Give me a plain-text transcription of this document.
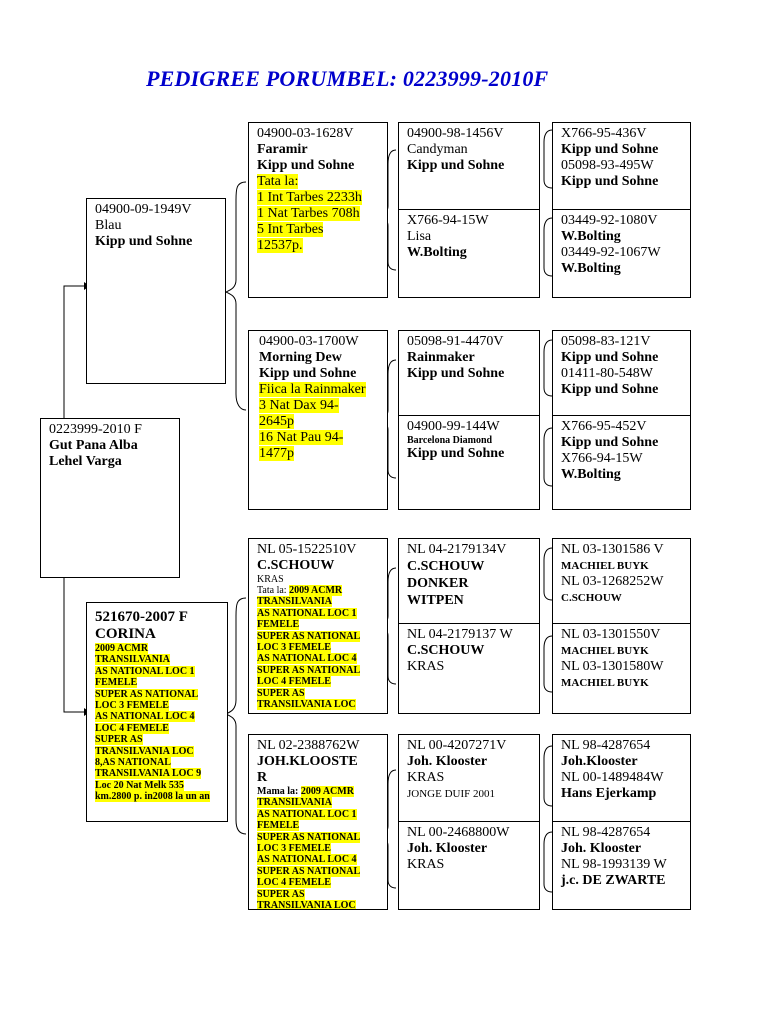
PEDIGREE PORUMBEL: 0223999-2010F
0223999-2010 F
Gut Pana Alba
Lehel Varga
04900-09-1949V
Blau
Kipp und Sohne
521670-2007 F
CORINA
2009 ACMR
TRANSILVANIA
AS NATIONAL LOC 1
FEMELE
SUPER AS NATIONAL
LOC 3 FEMELE
AS NATIONAL LOC 4
LOC 4 FEMELE
SUPER AS
TRANSILVANIA LOC
8,AS NATIONAL
TRANSILVANIA LOC 9
Loc 20 Nat Melk 535
km.2800 p. in2008 la un an
04900-03-1628V
Faramir
Kipp und Sohne
Tata la:
1 Int Tarbes 2233h
1 Nat Tarbes 708h
5 Int Tarbes
12537p.
04900-03-1700W
Morning Dew
Kipp und Sohne
Fiica la Rainmaker
3 Nat Dax 94-
2645p
16 Nat Pau 94-
1477p
NL 05-1522510V
C.SCHOUW
KRAS
Tata la: 2009 ACMR
TRANSILVANIA
AS NATIONAL LOC 1
FEMELE
SUPER AS NATIONAL
LOC 3 FEMELE
AS NATIONAL LOC 4
SUPER AS NATIONAL
LOC 4 FEMELE
SUPER AS
TRANSILVANIA LOC
NL 02-2388762W
JOH.KLOOSTE
R
Mama la: 2009 ACMR
TRANSILVANIA
AS NATIONAL LOC 1
FEMELE
SUPER AS NATIONAL
LOC 3 FEMELE
AS NATIONAL LOC 4
SUPER AS NATIONAL
LOC 4 FEMELE
SUPER AS
TRANSILVANIA LOC
04900-98-1456V
Candyman
Kipp und Sohne
X766-94-15W
Lisa
W.Bolting
05098-91-4470V
Rainmaker
Kipp und Sohne
04900-99-144W
Barcelona Diamond
Kipp und Sohne
NL 04-2179134V
C.SCHOUW
DONKER
WITPEN
NL 04-2179137 W
C.SCHOUW
KRAS
NL 00-4207271V
Joh. Klooster
KRAS
JONGE DUIF 2001
NL 00-2468800W
Joh. Klooster
KRAS
X766-95-436V
Kipp und Sohne
05098-93-495W
Kipp und Sohne
03449-92-1080V
W.Bolting
03449-92-1067W
W.Bolting
05098-83-121V
Kipp und Sohne
01411-80-548W
Kipp und Sohne
X766-95-452V
Kipp und Sohne
X766-94-15W
W.Bolting
NL 03-1301586 V
MACHIEL BUYK
NL 03-1268252W
C.SCHOUW
NL 03-1301550V
MACHIEL BUYK
NL 03-1301580W
MACHIEL BUYK
NL 98-4287654
Joh.Klooster
NL 00-1489484W
Hans Ejerkamp
NL 98-4287654
Joh. Klooster
NL 98-1993139 W
j.c. DE ZWARTE
